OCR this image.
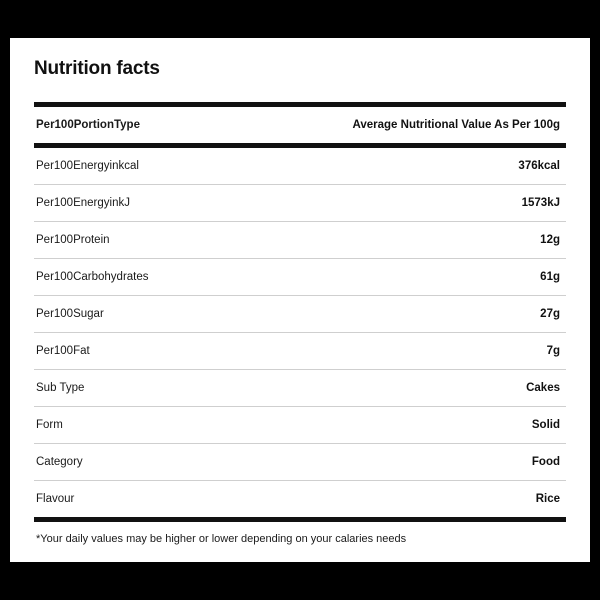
Nutrition facts
Per100PortionType	Average Nutritional Value As Per 100g
Per100Energyinkcal	376kcal
Per100EnergyinkJ	1573kJ
Per100Protein	12g
Per100Carbohydrates	61g
Per100Sugar	27g
Per100Fat	7g
Sub Type	Cakes
Form	Solid
Category	Food
Flavour	Rice
*Your daily values may be higher or lower depending on your calaries needs
